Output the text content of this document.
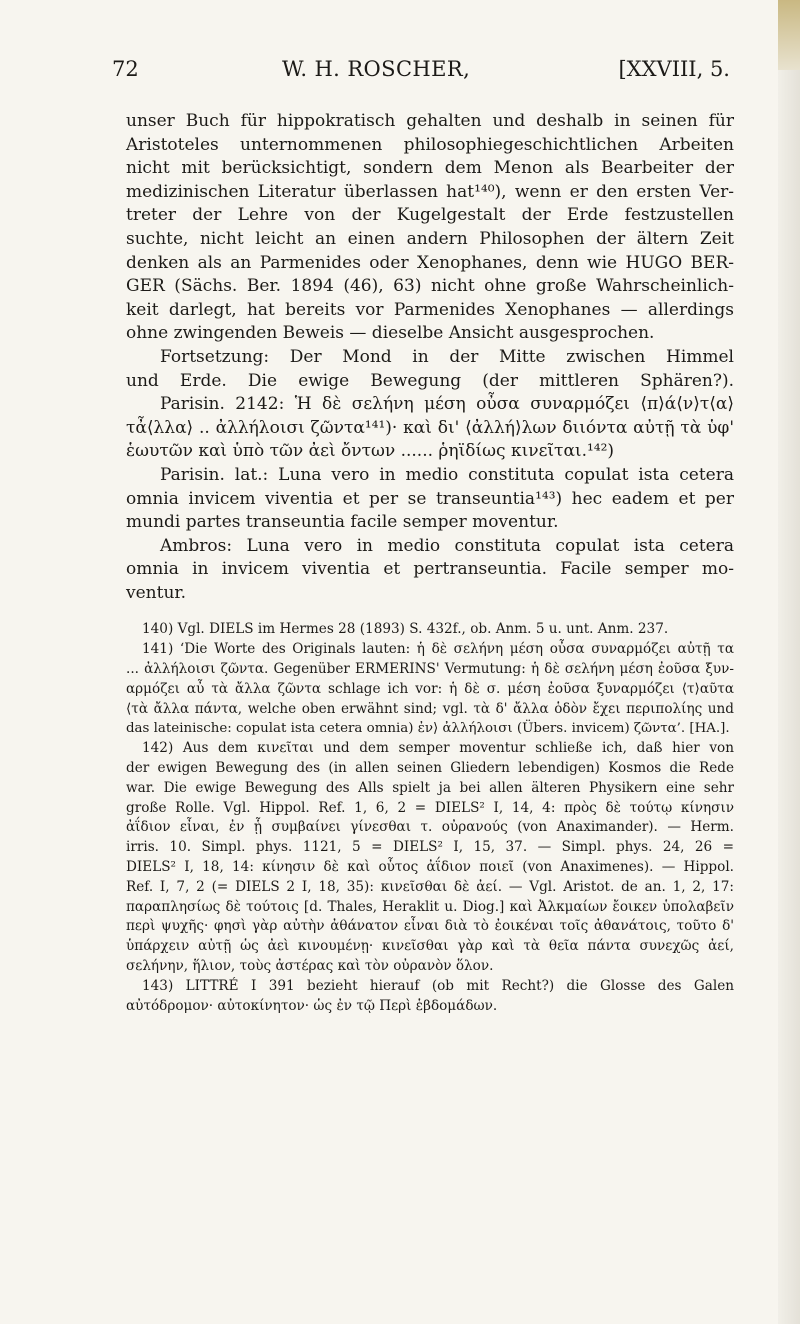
72	W. H. ROSCHER,	[XXVIII, 5.
unser Buch für hippokratisch gehalten und deshalb in seinen für
Aristoteles unternommenen philosophiegeschichtlichen Arbeiten
nicht mit berücksichtigt, sondern dem Menon als Bearbeiter der
medizinischen Literatur überlassen hat¹⁴⁰), wenn er den ersten Ver-
treter der Lehre von der Kugelgestalt der Erde festzustellen
suchte, nicht leicht an einen andern Philosophen der ältern Zeit
denken als an Parmenides oder Xenophanes, denn wie HUGO BER-
GER (Sächs. Ber. 1894 (46), 63) nicht ohne große Wahrscheinlich-
keit darlegt, hat bereits vor Parmenides Xenophanes — allerdings
ohne zwingenden Beweis — dieselbe Ansicht ausgesprochen.
Fortsetzung: Der Mond in der Mitte zwischen Himmel
und Erde. Die ewige Bewegung (der mittleren Sphären?).
Parisin. 2142: Ἡ δὲ σελήνη μέση οὖσα συναρμόζει ⟨π⟩ά⟨ν⟩τ⟨α⟩
τἆ⟨λλα⟩ .. ἀλλήλοισι ζῶντα¹⁴¹)· καὶ δι' ⟨ἀλλή⟩λων διιόντα αὐτῇ τὰ ὑφ'
ἑωυτῶν καὶ ὑπὸ τῶν ἀεὶ ὄντων ...... ῥηϊδίως κινεῖται.¹⁴²)
Parisin. lat.: Luna vero in medio constituta copulat ista cetera
omnia invicem viventia et per se transeuntia¹⁴³) hec eadem et per
mundi partes transeuntia facile semper moventur.
Ambros: Luna vero in medio constituta copulat ista cetera
omnia in invicem viventia et pertranseuntia. Facile semper mo-
ventur.
140) Vgl. DIELS im Hermes 28 (1893) S. 432f., ob. Anm. 5 u. unt. Anm. 237.
141) ‘Die Worte des Originals lauten: ἡ δὲ σελήνη μέση οὖσα συναρμόζει αὐτῇ τα
... ἀλλήλοισι ζῶντα. Gegenüber ERMERINS' Vermutung: ἡ δὲ σελήνη μέση ἐοῦσα ξυν-
αρμόζει αὖ τὰ ἄλλα ζῶντα schlage ich vor: ἡ δὲ σ. μέση ἐοῦσα ξυναρμόζει ⟨τ⟩αῦτα
⟨τὰ ἄλλα πάντα, welche oben erwähnt sind; vgl. τὰ δ' ἄλλα ὁδὸν ἔχει περιπολίης und
das lateinische: copulat ista cetera omnia) ἐν⟩ ἀλλήλοισι (Übers. invicem) ζῶντα’. [HA.].
142) Aus dem κινεῖται und dem semper moventur schließe ich, daß hier von
der ewigen Bewegung des (in allen seinen Gliedern lebendigen) Kosmos die Rede
war. Die ewige Bewegung des Alls spielt ja bei allen älteren Physikern eine sehr
große Rolle. Vgl. Hippol. Ref. 1, 6, 2 = DIELS² I, 14, 4: πρὸς δὲ τούτῳ κίνησιν
ἀΐδιον εἶναι, ἐν ᾗ συμβαίνει γίνεσθαι τ. οὐρανούς (von Anaximander). — Herm.
irris. 10. Simpl. phys. 1121, 5 = DIELS² I, 15, 37. — Simpl. phys. 24, 26 =
DIELS² I, 18, 14: κίνησιν δὲ καὶ οὗτος ἀΐδιον ποιεῖ (von Anaximenes). — Hippol.
Ref. I, 7, 2 (= DIELS 2 I, 18, 35): κινεῖσθαι δὲ ἀεί. — Vgl. Aristot. de an. 1, 2, 17:
παραπλησίως δὲ τούτοις [d. Thales, Heraklit u. Diog.] καὶ Ἀλκμαίων ἔοικεν ὑπολαβεῖν
περὶ ψυχῆς· φησὶ γὰρ αὐτὴν ἀθάνατον εἶναι διὰ τὸ ἐοικέναι τοῖς ἀθανάτοις, τοῦτο δ'
ὑπάρχειν αὐτῇ ὡς ἀεὶ κινουμένῃ· κινεῖσθαι γὰρ καὶ τὰ θεῖα πάντα συνεχῶς ἀεί,
σελήνην, ἥλιον, τοὺς ἀστέρας καὶ τὸν οὐρανὸν ὅλον.
143) LITTRÉ I 391 bezieht hierauf (ob mit Recht?) die Glosse des Galen
αὐτόδρομον· αὐτοκίνητον· ὡς ἐν τῷ Περὶ ἑβδομάδων.
